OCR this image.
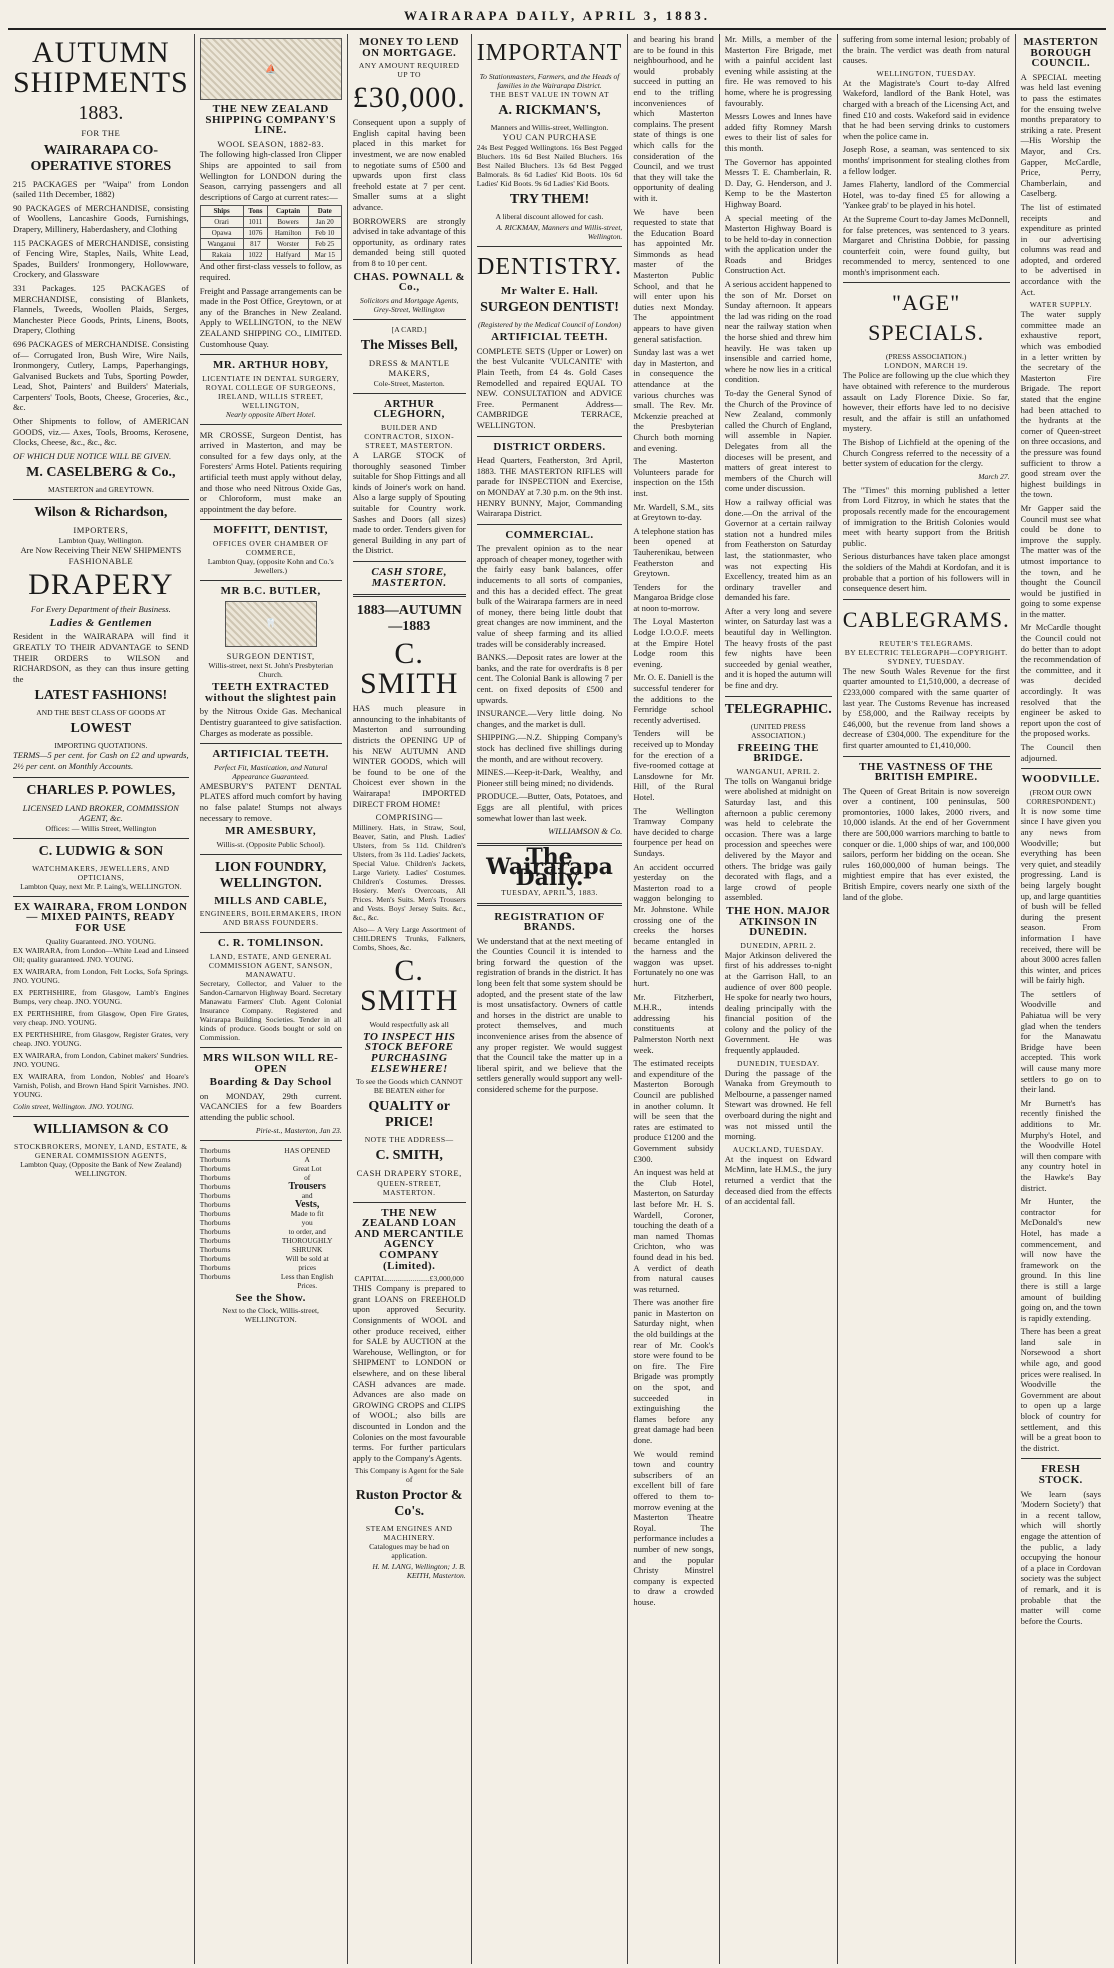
WAIRARAPA DAILY, APRIL 3, 1883.
AUTUMN SHIPMENTS
1883.
FOR THE
WAIRARAPA CO-OPERATIVE STORES

215 PACKAGES per "Waipa" from London (sailed 11th December, 1882)

90 PACKAGES of MERCHANDISE, consisting of Woollens, Lancashire Goods, Furnishings, Drapery, Millinery, Haberdashery, and Clothing

115 PACKAGES of MERCHANDISE, consisting of Fencing Wire, Staples, Nails, White Lead, Spades, Builders' Ironmongery, Hollowware, Crockery, and Glassware

331 Packages. 125 PACKAGES of MERCHANDISE, consisting of Blankets, Flannels, Tweeds, Woollen Plaids, Serges, Manchester Piece Goods, Prints, Linens, Boots, Drapery, Clothing

696 PACKAGES of MERCHANDISE. Consisting of— Corrugated Iron, Bush Wire, Wire Nails, Ironmongery, Cutlery, Lamps, Paperhangings, Galvanised Buckets and Tubs, Sporting Powder, Lead, Shot, Painters' and Builders' Materials, Carpenters' Tools, Boots, Cheese, Groceries, &c., &c.

Other Shipments to follow, of AMERICAN GOODS, viz.— Axes, Tools, Brooms, Kerosene, Clocks, Cheese, &c., &c., &c.

OF WHICH DUE NOTICE WILL BE GIVEN.

M. CASELBERG & Co.,
MASTERTON and GREYTOWN.
Wilson & Richardson,
IMPORTERS,
Lambton Quay, Wellington.
Are Now Receiving Their NEW SHIPMENTS
FASHIONABLE
DRAPERY
For Every Department of their Business.
Ladies & Gentlemen

Resident in the WAIRARAPA will find it GREATLY TO THEIR ADVANTAGE to SEND THEIR ORDERS to WILSON and RICHARDSON, as they can thus insure getting the

LATEST FASHIONS!
AND THE BEST CLASS OF GOODS AT
LOWEST
IMPORTING QUOTATIONS.

TERMS—5 per cent. for Cash on £2 and upwards, 2½ per cent. on Monthly Accounts.

CHARLES P. POWLES,
LICENSED LAND BROKER, COMMISSION AGENT, &c.
Offices: — Willis Street, Wellington
C. LUDWIG & SON
WATCHMAKERS, JEWELLERS, AND OPTICIANS,
Lambton Quay, next Mr. P. Laing's, WELLINGTON.
EX WAIRARA, FROM LONDON— MIXED PAINTS, READY FOR USE
Quality Guaranteed. JNO. YOUNG.

EX WAIRARA, from London—White Lead and Linseed Oil; quality guaranteed. JNO. YOUNG.

EX WAIRARA, from London, Felt Locks, Sofa Springs. JNO. YOUNG.

EX PERTHSHIRE, from Glasgow, Lamb's Engines Bumps, very cheap. JNO. YOUNG.

EX PERTHSHIRE, from Glasgow, Open Fire Grates, very cheap. JNO. YOUNG.

EX PERTHSHIRE, from Glasgow, Register Grates, very cheap. JNO. YOUNG.

EX WAIRARA, from London, Cabinet makers' Sundries. JNO. YOUNG.

EX WAIRARA, from London, Nobles' and Hoare's Varnish, Polish, and Brown Hand Spirit Varnishes. JNO. YOUNG.

Colin street, Wellington. JNO. YOUNG.

WILLIAMSON & CO
STOCKBROKERS, MONEY, LAND, ESTATE, & GENERAL COMMISSION AGENTS,
Lambton Quay, (Opposite the Bank of New Zealand) WELLINGTON.
⛵
THE NEW ZEALAND SHIPPING COMPANY'S LINE.
WOOL SEASON, 1882-83.

The following high-classed Iron Clipper Ships are appointed to sail from Wellington for LONDON during the Season, carrying passengers and all descriptions of Cargo at current rates:—

Ships	Tons	Captain	Date
Orari	1011	Bowers	Jan 20
Opawa	1076	Hamilton	Feb 10
Wanganui	817	Worster	Feb 25
Rakaia	1022	Halfyard	Mar 15

And other first-class vessels to follow, as required.

Freight and Passage arrangements can be made in the Post Office, Greytown, or at any of the Branches in New Zealand. Apply to WELLINGTON, to the NEW ZEALAND SHIPPING CO., LIMITED. Customhouse Quay.

MR. ARTHUR HOBY,
LICENTIATE IN DENTAL SURGERY, ROYAL COLLEGE OF SURGEONS, IRELAND, WILLIS STREET, WELLINGTON,
Nearly opposite Albert Hotel.

MR CROSSE, Surgeon Dentist, has arrived in Masterton, and may be consulted for a few days only, at the Foresters' Arms Hotel. Patients requiring artificial teeth must apply without delay, and those who need Nitrous Oxide Gas, or Chloroform, must make an appointment the day before.

MOFFITT, DENTIST,
OFFICES OVER CHAMBER OF COMMERCE,
Lambton Quay, (opposite Kohn and Co.'s Jewellers.)
MR B.C. BUTLER,
🦷
SURGEON DENTIST,
Willis-street, next St. John's Presbyterian Church.
TEETH EXTRACTED without the slightest pain

by the Nitrous Oxide Gas. Mechanical Dentistry guaranteed to give satisfaction. Charges as moderate as possible.

ARTIFICIAL TEETH.
Perfect Fit, Mastication, and Natural Appearance Guaranteed.

AMESBURY'S PATENT DENTAL PLATES afford much comfort by having no false palate! Stumps not always necessary to remove.

MR AMESBURY,
Willis-st. (Opposite Public School).
LION FOUNDRY, WELLINGTON.
MILLS AND CABLE,
ENGINEERS, BOILERMAKERS, IRON AND BRASS FOUNDERS.
C. R. TOMLINSON.
LAND, ESTATE, AND GENERAL COMMISSION AGENT, SANSON, MANAWATU.

Secretary, Collector, and Valuer to the Sandon-Carnarvon Highway Board. Secretary Manawatu Farmers' Club. Agent Colonial Insurance Company. Registered and Wairarapa Building Societies. Tender in all kinds of produce. Goods bought or sold on Commission.

MRS WILSON WILL RE-OPEN
Boarding & Day School

on MONDAY, 29th current. VACANCIES for a few Boarders attending the public school.

Pirie-st., Masterton, Jan 23.
Thorburns
Thorburns
Thorburns
Thorburns
Thorburns
Thorburns
Thorburns
Thorburns
Thorburns
Thorburns
Thorburns
Thorburns
Thorburns
Thorburns
Thorburns
HAS OPENED
A
Great Lot
of
Trousers
and
Vests,
Made to fit
you
to order, and
THOROUGHLY
SHRUNK
Will be sold at
prices
Less than English
Prices.
See the Show.
Next to the Clock, Willis-street, WELLINGTON.
MONEY TO LEND ON MORTGAGE.
ANY AMOUNT REQUIRED UP TO
£30,000.

Consequent upon a supply of English capital having been placed in this market for investment, we are now enabled to negotiate sums of £500 and upwards upon first class freehold estate at 7 per cent. Smaller sums at a slight advance.

BORROWERS are strongly advised in take advantage of this opportunity, as ordinary rates demanded being still quoted from 8 to 10 per cent.

CHAS. POWNALL & Co.,
Solicitors and Mortgage Agents, Grey-Street, Wellington
[A CARD.]
The Misses Bell,
DRESS & MANTLE MAKERS,
Cole-Street, Masterton.
ARTHUR CLEGHORN,
BUILDER AND CONTRACTOR, SIXON-STREET, MASTERTON.

A LARGE STOCK of thoroughly seasoned Timber suitable for Shop Fittings and all kinds of Joiner's work on hand. Also a large supply of Spouting suitable for Country work. Sashes and Doors (all sizes) made to order. Tenders given for general Building in any part of the District.

CASH STORE, MASTERTON.
1883—AUTUMN—1883
C. SMITH

HAS much pleasure in announcing to the inhabitants of Masterton and surrounding districts the OPENING UP of his NEW AUTUMN AND WINTER GOODS, which will be found to be one of the Choicest ever shown in the Wairarapa! IMPORTED DIRECT FROM HOME!

COMPRISING—

Millinery. Hats, in Straw, Soul, Beaver, Satin, and Plush. Ladies' Ulsters, from 5s 11d. Children's Ulsters, from 3s 11d. Ladies' Jackets, Special Value. Children's Jackets, Large Variety. Ladies' Costumes. Children's Costumes. Dresses. Hosiery. Men's Overcoats, All Prices. Men's Suits. Men's Trousers and Vests. Boys' Jersey Suits. &c., &c., &c.

Also— A Very Large Assortment of CHILDREN'S Trunks, Falkners, Combs, Shoes, &c.

C. SMITH
Would respectfully ask all
TO INSPECT HIS STOCK BEFORE PURCHASING ELSEWHERE!
To see the Goods which CANNOT BE BEATEN either for
QUALITY or PRICE!
NOTE THE ADDRESS—
C. SMITH,
CASH DRAPERY STORE,
QUEEN-STREET, MASTERTON.
THE NEW ZEALAND LOAN AND MERCANTILE AGENCY COMPANY (Limited).
CAPITAL.......................£3,000,000

THIS Company is prepared to grant LOANS on FREEHOLD upon approved Security. Consignments of WOOL and other produce received, either for SALE by AUCTION at the Warehouse, Wellington, or for SHIPMENT to LONDON or elsewhere, and on these liberal CASH advances are made. Advances are also made on GROWING CROPS and CLIPS of WOOL; also bills are discounted in London and the Colonies on the most favourable terms. For further particulars apply to the Company's Agents.

This Company is Agent for the Sale of
Ruston Proctor & Co's.
STEAM ENGINES AND MACHINERY.
Catalogues may be had on application.
H. M. LANG, Wellington; J. B. KEITH, Masterton.
IMPORTANT
To Stationmasters, Farmers, and the Heads of families in the Wairarapa District.
THE BEST VALUE IN TOWN AT
A. RICKMAN'S,
Manners and Willis-street, Wellington.
YOU CAN PURCHASE

24s Best Pegged Wellingtons. 16s Best Pegged Bluchers. 10s 6d Best Nailed Bluchers. 16s Best Nailed Bluchers. 13s 6d Best Pegged Balmorals. 8s 6d Ladies' Kid Boots. 10s 6d Ladies' Kid Boots. 9s 6d Ladies' Kid Boots.

TRY THEM!
A liberal discount allowed for cash.
A. RICKMAN, Manners and Willis-street, Wellington.
DENTISTRY.
Mr Walter E. Hall.
SURGEON DENTIST!
(Registered by the Medical Council of London)
ARTIFICIAL TEETH.

COMPLETE SETS (Upper or Lower) on the best Vulcanite 'VULCANITE' with Plain Teeth, from £4 4s. Gold Cases Remodelled and repaired EQUAL TO NEW. CONSULTATION and ADVICE Free. Permanent Address—CAMBRIDGE TERRACE, WELLINGTON.

DISTRICT ORDERS.

Head Quarters, Featherston, 3rd April, 1883. THE MASTERTON RIFLES will parade for INSPECTION and Exercise, on MONDAY at 7.30 p.m. on the 9th inst. HENRY BUNNY, Major, Commanding Wairarapa District.

COMMERCIAL.

The prevalent opinion as to the near approach of cheaper money, together with the fairly easy bank balances, offer inducements to all sorts of companies, and this has a decided effect. The great bulk of the Wairarapa farmers are in need of money, there being little doubt that great changes are now imminent, and the value of sheep farming and its allied trades will be considerably increased.

BANKS.—Deposit rates are lower at the banks, and the rate for overdrafts is 8 per cent. The Colonial Bank is allowing 7 per cent. on fixed deposits of £500 and upwards.

INSURANCE.—Very little doing. No changes, and the market is dull.

SHIPPING.—N.Z. Shipping Company's stock has declined five shillings during the month, and are without recovery.

MINES.—Keep-it-Dark, Wealthy, and Pioneer still being mined; no dividends.

PRODUCE.—Butter, Oats, Potatoes, and Eggs are all plentiful, with prices somewhat lower than last week.

WILLIAMSON & Co.
The Wairarapa Daily.
TUESDAY, APRIL 3, 1883.
REGISTRATION OF BRANDS.

We understand that at the next meeting of the Counties Council it is intended to bring forward the question of the registration of brands in the district. It has long been felt that some system should be adopted, and the present state of the law is most unsatisfactory. Owners of cattle and horses in the district are unable to protect themselves, and much inconvenience arises from the absence of any proper register. We would suggest that the Council take the matter up in a liberal spirit, and we believe that the settlers generally would support any well-considered scheme for the purpose.

and bearing his brand are to be found in this neighbourhood, and he would probably succeed in putting an end to the trifling inconveniences of which Masterton complains. The present state of things is one which calls for the consideration of the Council, and we trust that they will take the opportunity of dealing with it.

We have been requested to state that the Education Board has appointed Mr. Simmonds as head master of the Masterton Public School, and that he will enter upon his duties next Monday. The appointment appears to have given general satisfaction.

Sunday last was a wet day in Masterton, and in consequence the attendance at the various churches was small. The Rev. Mr. Mckenzie preached at the Presbyterian Church both morning and evening.

The Masterton Volunteers parade for inspection on the 15th inst.

Mr. Wardell, S.M., sits at Greytown to-day.

A telephone station has been opened at Tauherenikau, between Featherston and Greytown.

Tenders for the Mangaroa Bridge close at noon to-morrow.

The Loyal Masterton Lodge I.O.O.F. meets at the Empire Hotel Lodge room this evening.

Mr. O. E. Daniell is the successful tenderer for the additions to the Fernridge school recently advertised.

Tenders will be received up to Monday for the erection of a five-roomed cottage at Lansdowne for Mr. Hill, of the Rural Hotel.

The Wellington Tramway Company have decided to charge fourpence per head on Sundays.

An accident occurred yesterday on the Masterton road to a waggon belonging to Mr. Johnstone. While crossing one of the creeks the horses became entangled in the harness and the waggon was upset. Fortunately no one was hurt.

Mr. Fitzherbert, M.H.R., intends addressing his constituents at Palmerston North next week.

The estimated receipts and expenditure of the Masterton Borough Council are published in another column. It will be seen that the rates are estimated to produce £1200 and the Government subsidy £300.

An inquest was held at the Club Hotel, Masterton, on Saturday last before Mr. H. S. Wardell, Coroner, touching the death of a man named Thomas Crichton, who was found dead in his bed. A verdict of death from natural causes was returned.

There was another fire panic in Masterton on Saturday night, when the old buildings at the rear of Mr. Cook's store were found to be on fire. The Fire Brigade was promptly on the spot, and succeeded in extinguishing the flames before any great damage had been done.

We would remind town and country subscribers of an excellent bill of fare offered to them to-morrow evening at the Masterton Theatre Royal. The performance includes a number of new songs, and the popular Christy Minstrel company is expected to draw a crowded house.

Mr. Mills, a member of the Masterton Fire Brigade, met with a painful accident last evening while assisting at the fire. He was removed to his home, where he is progressing favourably.

Messrs Lowes and Innes have added fifty Romney Marsh ewes to their list of sales for this month.

The Governor has appointed Messrs T. E. Chamberlain, R. D. Day, G. Henderson, and J. Kemp to be the Masterton Highway Board.

A special meeting of the Masterton Highway Board is to be held to-day in connection with the application under the Roads and Bridges Construction Act.

A serious accident happened to the son of Mr. Dorset on Sunday afternoon. It appears the lad was riding on the road near the railway station when the horse shied and threw him heavily. He was taken up insensible and carried home, where he now lies in a critical condition.

To-day the General Synod of the Church of the Province of New Zealand, commonly called the Church of England, will assemble in Napier. Delegates from all the dioceses will be present, and matters of great interest to members of the Church will come under discussion.

How a railway official was done.—On the arrival of the Governor at a certain railway station not a hundred miles from Featherston on Saturday last, the stationmaster, who was not expecting His Excellency, treated him as an ordinary traveller and demanded his fare.

After a very long and severe winter, on Saturday last was a beautiful day in Wellington. The heavy frosts of the past few nights have been succeeded by genial weather, and it is hoped the autumn will be fine and dry.

TELEGRAPHIC.
(UNITED PRESS ASSOCIATION.)
FREEING THE BRIDGE.
WANGANUI, APRIL 2.

The tolls on Wanganui bridge were abolished at midnight on Saturday last, and this afternoon a public ceremony was held to celebrate the occasion. There was a large procession and speeches were delivered by the Mayor and others. The bridge was gaily decorated with flags, and a large crowd of people assembled.

THE HON. MAJOR ATKINSON IN DUNEDIN.
DUNEDIN, APRIL 2.

Major Atkinson delivered the first of his addresses to-night at the Garrison Hall, to an audience of over 800 people. He spoke for nearly two hours, dealing principally with the financial position of the colony and the policy of the Government. He was frequently applauded.

DUNEDIN, TUESDAY.

During the passage of the Wanaka from Greymouth to Melbourne, a passenger named Stewart was drowned. He fell overboard during the night and was not missed until the morning.

AUCKLAND, TUESDAY.

At the inquest on Edward McMinn, late H.M.S., the jury returned a verdict that the deceased died from the effects of an accidental fall.

suffering from some internal lesion; probably of the brain. The verdict was death from natural causes.

WELLINGTON, TUESDAY.

At the Magistrate's Court to-day Alfred Wakeford, landlord of the Bank Hotel, was charged with a breach of the Licensing Act, and fined £10 and costs. Wakeford said in evidence that he had been serving drinks to customers when the police came in.

Joseph Rose, a seaman, was sentenced to six months' imprisonment for stealing clothes from a fellow lodger.

James Flaherty, landlord of the Commercial Hotel, was to-day fined £5 for allowing a 'Yankee grab' to be played in his hotel.

At the Supreme Court to-day James McDonnell, for false pretences, was sentenced to 3 years. Margaret and Christina Dobbie, for passing counterfeit coin, were found guilty, but recommended to mercy, sentenced to one month's imprisonment each.

"AGE" SPECIALS.
(PRESS ASSOCIATION.)
LONDON, MARCH 19.

The Police are following up the clue which they have obtained with reference to the murderous assault on Lady Florence Dixie. So far, however, their efforts have led to no decisive result, and the affair is still an unfathomed mystery.

The Bishop of Lichfield at the opening of the Church Congress referred to the necessity of a better system of education for the clergy.

March 27.

The "Times" this morning published a letter from Lord Fitzroy, in which he states that the proposals recently made for the encouragement of immigration to the British Colonies would meet with hearty support from the British public.

Serious disturbances have taken place amongst the soldiers of the Mahdi at Kordofan, and it is probable that a portion of his followers will in consequence desert him.

CABLEGRAMS.
REUTER'S TELEGRAMS.
BY ELECTRIC TELEGRAPH—COPYRIGHT.
SYDNEY, TUESDAY.

The new South Wales Revenue for the first quarter amounted to £1,510,000, a decrease of £233,000 compared with the same quarter of last year. The Customs Revenue has increased by £58,000, and the Railway receipts by £46,000, but the revenue from land shows a decrease of £304,000. The expenditure for the first quarter amounted to £1,410,000.

THE VASTNESS OF THE BRITISH EMPIRE.

The Queen of Great Britain is now sovereign over a continent, 100 peninsulas, 500 promontories, 1000 lakes, 2000 rivers, and 10,000 islands. At the end of her Government there are 500,000 warriors marching to battle to conquer or die. 1,000 ships of war, and 100,000 sailors, perform her bidding on the ocean. She rules 160,000,000 of human beings. The mightiest empire that has ever existed, the British Empire, covers nearly one sixth of the land of the globe.

MASTERTON BOROUGH COUNCIL.

A SPECIAL meeting was held last evening to pass the estimates for the ensuing twelve months preparatory to striking a rate. Present—His Worship the Mayor, and Crs. Gapper, McCardle, Price, Perry, Chamberlain, and Caselberg.

The list of estimated receipts and expenditure as printed in our advertising columns was read and adopted, and ordered to be advertised in accordance with the Act.

WATER SUPPLY.

The water supply committee made an exhaustive report, which was embodied in a letter written by the secretary of the Masterton Fire Brigade. The report stated that the engine had been attached to the hydrants at the corner of Queen-street on three occasions, and the pressure was found sufficient to throw a good stream over the highest buildings in the town.

Mr Gapper said the Council must see what could be done to improve the supply. The matter was of the utmost importance to the town, and he thought the Council would be justified in going to some expense in the matter.

Mr McCardle thought the Council could not do better than to adopt the recommendation of the committee, and it was decided accordingly. It was resolved that the engineer be asked to report upon the cost of the proposed works.

The Council then adjourned.

WOODVILLE.
(FROM OUR OWN CORRESPONDENT.)

It is now some time since I have given you any news from Woodville; but everything has been very quiet, and steadily progressing. Land is being largely bought up, and large quantities of bush will be felled during the present season. From information I have received, there will be about 3000 acres fallen this winter, and prices will be fairly high.

The settlers of Woodville and Pahiatua will be very glad when the tenders for the Manawatu Bridge have been accepted. This work will cause many more settlers to go on to their land.

Mr Burnett's has recently finished the additions to Mr. Murphy's Hotel, and the Woodville Hotel will then compare with any country hotel in the Hawke's Bay district.

Mr Hunter, the contractor for McDonald's new Hotel, has made a commencement, and will now have the framework on the ground. In this line there is still a large amount of building going on, and the town is rapidly extending.

There has been a great land sale in Norsewood a short while ago, and good prices were realised. In Woodville the Government are about to open up a large block of country for settlement, and this will be a great boon to the district.

FRESH STOCK.

We learn (says 'Modern Society') that in a recent tallow, which will shortly engage the attention of the public, a lady occupying the honour of a place in Cordovan society was the subject of remark, and it is probable that the matter will come before the Courts.
